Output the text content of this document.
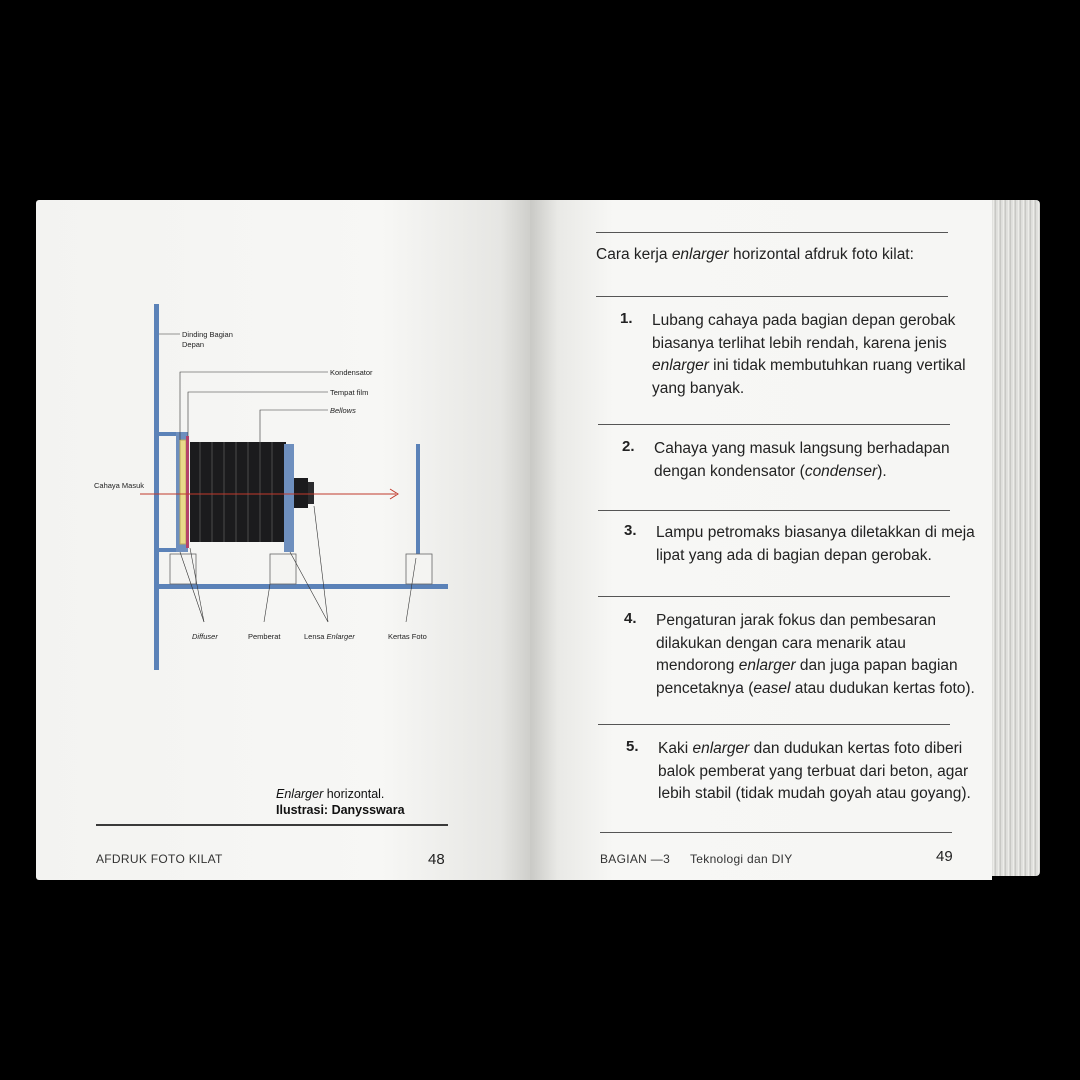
Dinding Bagian
Depan
Kondensator
Tempat film
Bellows
Cahaya Masuk
Diffuser	Pemberat	Lensa Enlarger	Kertas Foto
Enlarger horizontal.
Ilustrasi: Danysswara
AFDRUK FOTO KILAT	48
Cara kerja enlarger horizontal afdruk foto kilat:
1. Lubang cahaya pada bagian depan gerobak biasanya terlihat lebih rendah, karena jenis enlarger ini tidak membutuhkan ruang vertikal yang banyak.
2. Cahaya yang masuk langsung berhadapan dengan kondensator (condenser).
3. Lampu petromaks biasanya diletakkan di meja lipat yang ada di bagian depan gerobak.
4. Pengaturan jarak fokus dan pembesaran dilakukan dengan cara menarik atau mendorong enlarger dan juga papan bagian pencetaknya (easel atau dudukan kertas foto).
5. Kaki enlarger dan dudukan kertas foto diberi balok pemberat yang terbuat dari beton, agar lebih stabil (tidak mudah goyah atau goyang).
BAGIAN —3 Teknologi dan DIY	49
